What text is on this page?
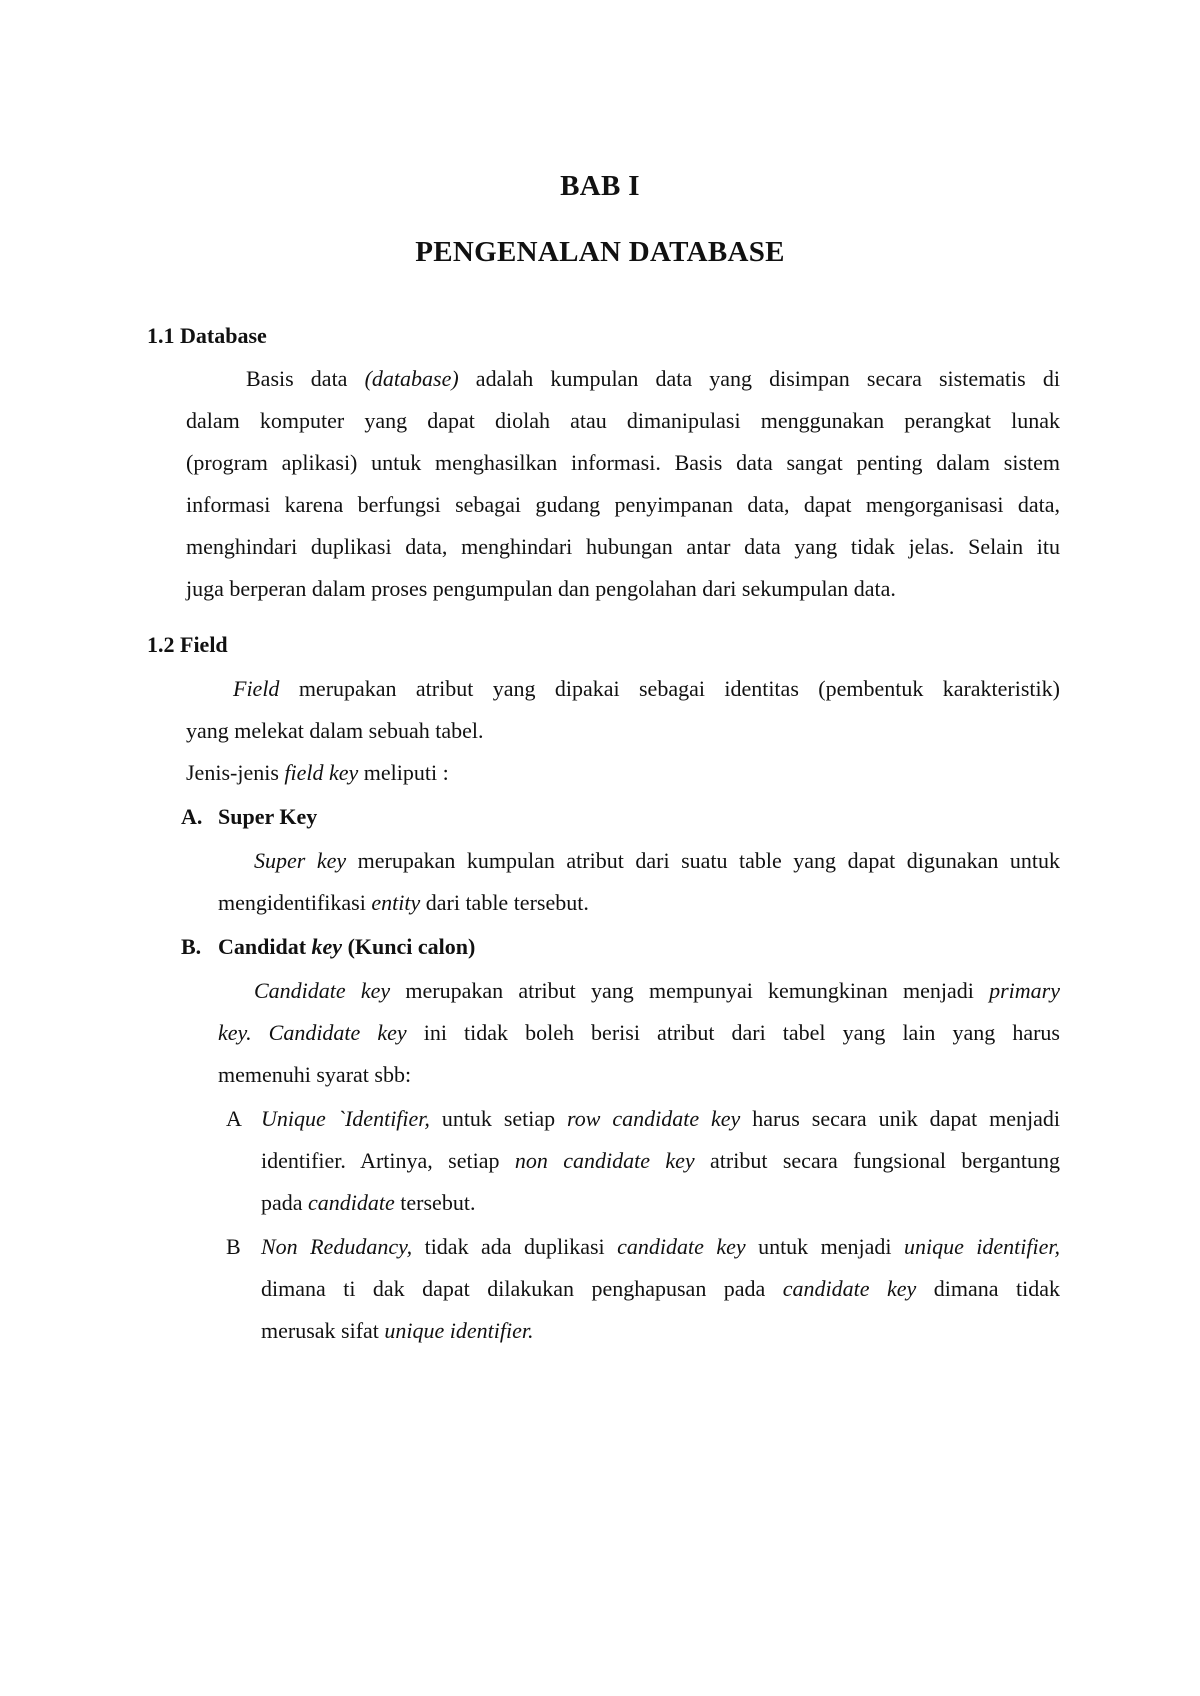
BAB I

PENGENALAN DATABASE

1.1 Database

Basis data (database) adalah kumpulan data yang disimpan secara sistematis di

dalam komputer yang dapat diolah atau dimanipulasi menggunakan perangkat lunak

(program aplikasi) untuk menghasilkan informasi. Basis data sangat penting dalam sistem

informasi karena berfungsi sebagai gudang penyimpanan data, dapat mengorganisasi data,

menghindari duplikasi data, menghindari hubungan antar data yang tidak jelas. Selain itu

juga berperan dalam proses pengumpulan dan pengolahan dari sekumpulan data.

1.2 Field

Field merupakan atribut yang dipakai sebagai identitas (pembentuk karakteristik)

yang melekat dalam sebuah tabel.

Jenis-jenis field key meliputi :

A. Super Key

Super key merupakan kumpulan atribut dari suatu table yang dapat digunakan untuk

mengidentifikasi entity dari table tersebut.

B. Candidat key (Kunci calon)

Candidate key merupakan atribut yang mempunyai kemungkinan menjadi primary

key. Candidate key ini tidak boleh berisi atribut dari tabel yang lain yang harus

memenuhi syarat sbb:

A Unique `Identifier, untuk setiap row candidate key harus secara unik dapat menjadi

identifier. Artinya, setiap non candidate key atribut secara fungsional bergantung

pada candidate tersebut.

B Non Redudancy, tidak ada duplikasi candidate key untuk menjadi unique identifier,

dimana ti dak dapat dilakukan penghapusan pada candidate key dimana tidak

merusak sifat unique identifier.
